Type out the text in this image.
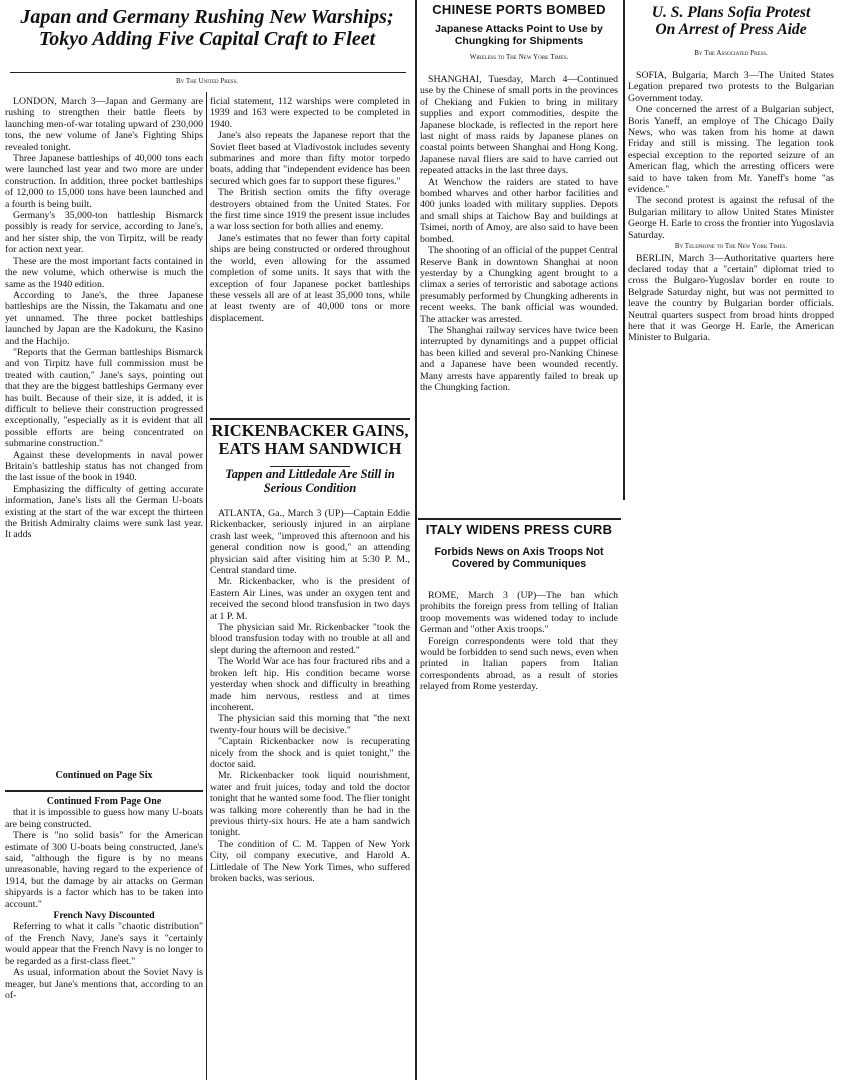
Japan and Germany Rushing New Warships;

Tokyo Adding Five Capital Craft to Fleet

By The United Press.

LONDON, March 3—Japan and Germany are rushing to strengthen their battle fleets by launching men-of-war totaling upward of 230,000 tons, the new volume of Jane's Fighting Ships revealed tonight.

Three Japanese battleships of 40,000 tons each were launched last year and two more are under construction. In addition, three pocket battleships of 12,000 to 15,000 tons have been launched and a fourth is being built.

Germany's 35,000-ton battleship Bismarck possibly is ready for service, according to Jane's, and her sister ship, the von Tirpitz, will be ready for action next year.

These are the most important facts contained in the new volume, which otherwise is much the same as the 1940 edition.

According to Jane's, the three Japanese battleships are the Nissin, the Takamatu and one yet unnamed. The three pocket battleships launched by Japan are the Kadokuru, the Kasino and the Hachijo.

"Reports that the German battleships Bismarck and von Tirpitz have full commission must be treated with caution," Jane's says, pointing out that they are the biggest battleships Germany ever has built. Because of their size, it is added, it is difficult to believe their construction progressed exceptionally, "especially as it is evident that all possible efforts are being concentrated on submarine construction."

Against these developments in naval power Britain's battleship status has not changed from the last issue of the book in 1940.

Emphasizing the difficulty of getting accurate information, Jane's lists all the German U-boats existing at the start of the war except the thirteen the British Admiralty claims were sunk last year. It adds

Continued on Page Six

Continued From Page One

that it is impossible to guess how many U-boats are being constructed.

There is "no solid basis" for the American estimate of 300 U-boats being constructed, Jane's said, "although the figure is by no means unreasonable, having regard to the experience of 1914, but the damage by air attacks on German shipyards is a factor which has to be taken into account."

French Navy Discounted

Referring to what it calls "chaotic distribution" of the French Navy, Jane's says it "certainly would appear that the French Navy is no longer to be regarded as a first-class fleet."

As usual, information about the Soviet Navy is meager, but Jane's mentions that, according to an of-

ficial statement, 112 warships were completed in 1939 and 163 were expected to be completed in 1940.

Jane's also repeats the Japanese report that the Soviet fleet based at Vladivostok includes seventy submarines and more than fifty motor torpedo boats, adding that "independent evidence has been secured which goes far to support these figures."

The British section omits the fifty overage destroyers obtained from the United States. For the first time since 1919 the present issue includes a war loss section for both allies and enemy.

Jane's estimates that no fewer than forty capital ships are being constructed or ordered throughout the world, even allowing for the assumed completion of some units. It says that with the exception of four Japanese pocket battleships these vessels all are of at least 35,000 tons, while at least twenty are of 40,000 tons or more displacement.

RICKENBACKER GAINS,

EATS HAM SANDWICH

Tappen and Littledale Are Still in Serious Condition

ATLANTA, Ga., March 3 (UP)—Captain Eddie Rickenbacker, seriously injured in an airplane crash last week, "improved this afternoon and his general condition now is good," an attending physician said after visiting him at 5:30 P. M., Central standard time.

Mr. Rickenbacker, who is the president of Eastern Air Lines, was under an oxygen tent and received the second blood transfusion in two days at 1 P. M.

The physician said Mr. Rickenbacker "took the blood transfusion today with no trouble at all and slept during the afternoon and rested."

The World War ace has four fractured ribs and a broken left hip. His condition became worse yesterday when shock and difficulty in breathing made him nervous, restless and at times incoherent.

The physician said this morning that "the next twenty-four hours will be decisive."

"Captain Rickenbacker now is recuperating nicely from the shock and is quiet tonight," the doctor said.

Mr. Rickenbacker took liquid nourishment, water and fruit juices, today and told the doctor tonight that he wanted some food. The flier tonight was talking more coherently than he had in the previous thirty-six hours. He ate a ham sandwich tonight.

The condition of C. M. Tappen of New York City, oil company executive, and Harold A. Littledale of The New York Times, who suffered broken backs, was serious.

CHINESE PORTS BOMBED

Japanese Attacks Point to Use by Chungking for Shipments

Wireless to The New York Times.

SHANGHAI, Tuesday, March 4—Continued use by the Chinese of small ports in the provinces of Chekiang and Fukien to bring in military supplies and export commodities, despite the Japanese blockade, is reflected in the report here last night of mass raids by Japanese planes on coastal points between Shanghai and Hong Kong. Japanese naval fliers are said to have carried out repeated attacks in the last three days.

At Wenchow the raiders are stated to have bombed wharves and other harbor facilities and 400 junks loaded with military supplies. Depots and small ships at Taichow Bay and buildings at Tsimei, north of Amoy, are also said to have been bombed.

The shooting of an official of the puppet Central Reserve Bank in downtown Shanghai at noon yesterday by a Chungking agent brought to a climax a series of terroristic and sabotage actions presumably performed by Chungking adherents in recent weeks. The bank official was wounded. The attacker was arrested.

The Shanghai railway services have twice been interrupted by dynamitings and a puppet official has been killed and several pro-Nanking Chinese and a Japanese have been wounded recently. Many arrests have apparently failed to break up the Chungking faction.

ITALY WIDENS PRESS CURB

Forbids News on Axis Troops Not Covered by Communiques

ROME, March 3 (UP)—The ban which prohibits the foreign press from telling of Italian troop movements was widened today to include German and "other Axis troops."

Foreign correspondents were told that they would be forbidden to send such news, even when printed in Italian papers from Italian correspondents abroad, as a result of stories relayed from Rome yesterday.

U. S. Plans Sofia Protest

On Arrest of Press Aide

By The Associated Press.

SOFIA, Bulgaria, March 3—The United States Legation prepared two protests to the Bulgarian Government today.

One concerned the arrest of a Bulgarian subject, Boris Yaneff, an employe of The Chicago Daily News, who was taken from his home at dawn Friday and still is missing. The legation took especial exception to the reported seizure of an American flag, which the arresting officers were said to have taken from Mr. Yaneff's home "as evidence."

The second protest is against the refusal of the Bulgarian military to allow United States Minister George H. Earle to cross the frontier into Yugoslavia Saturday.

By Telephone to The New York Times.

BERLIN, March 3—Authoritative quarters here declared today that a "certain" diplomat tried to cross the Bulgaro-Yugoslav border en route to Belgrade Saturday night, but was not permitted to leave the country by Bulgarian border officials. Neutral quarters suspect from broad hints dropped here that it was George H. Earle, the American Minister to Bulgaria.
